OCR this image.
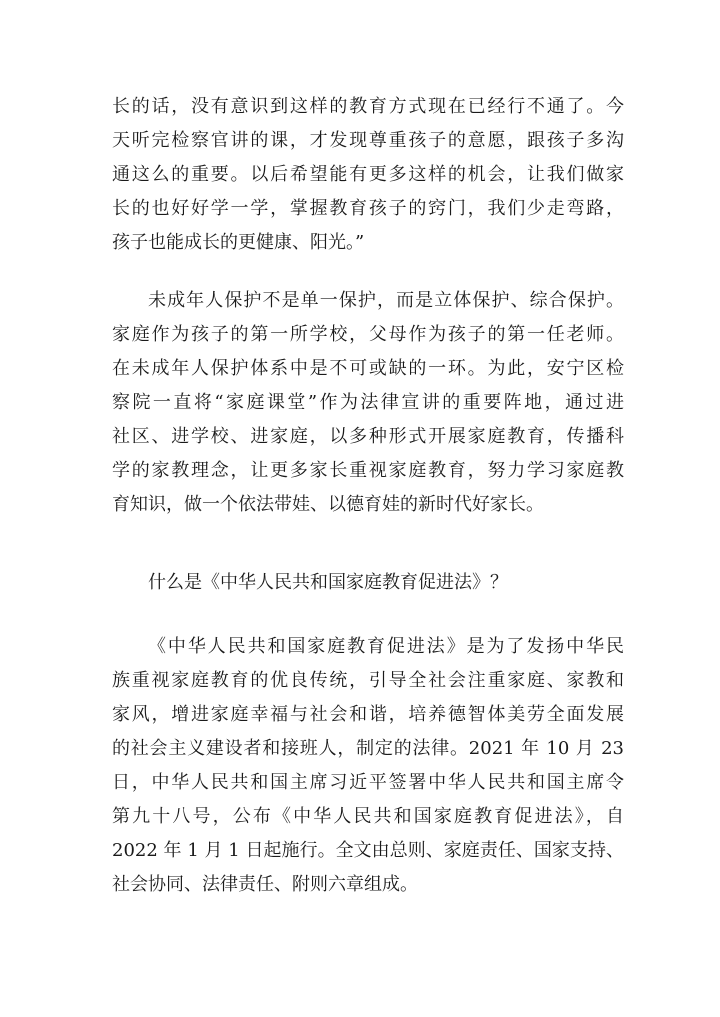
长的话，没有意识到这样的教育方式现在已经行不通了。今
天听完检察官讲的课，才发现尊重孩子的意愿，跟孩子多沟
通这么的重要。以后希望能有更多这样的机会，让我们做家
长的也好好学一学，掌握教育孩子的窍门，我们少走弯路，
孩子也能成长的更健康、阳光。”
未成年人保护不是单一保护，而是立体保护、综合保护。
家庭作为孩子的第一所学校，父母作为孩子的第一任老师。
在未成年人保护体系中是不可或缺的一环。为此，安宁区检
察院一直将“家庭课堂”作为法律宣讲的重要阵地，通过进
社区、进学校、进家庭，以多种形式开展家庭教育，传播科
学的家教理念，让更多家长重视家庭教育，努力学习家庭教
育知识，做一个依法带娃、以德育娃的新时代好家长。
什么是《中华人民共和国家庭教育促进法》？
《中华人民共和国家庭教育促进法》是为了发扬中华民
族重视家庭教育的优良传统，引导全社会注重家庭、家教和
家风，增进家庭幸福与社会和谐，培养德智体美劳全面发展
的社会主义建设者和接班人，制定的法律。2021 年 10 月 23
日，中华人民共和国主席习近平签署中华人民共和国主席令
第九十八号，公布《中华人民共和国家庭教育促进法》，自
2022 年 1 月 1 日起施行。全文由总则、家庭责任、国家支持、
社会协同、法律责任、附则六章组成。
